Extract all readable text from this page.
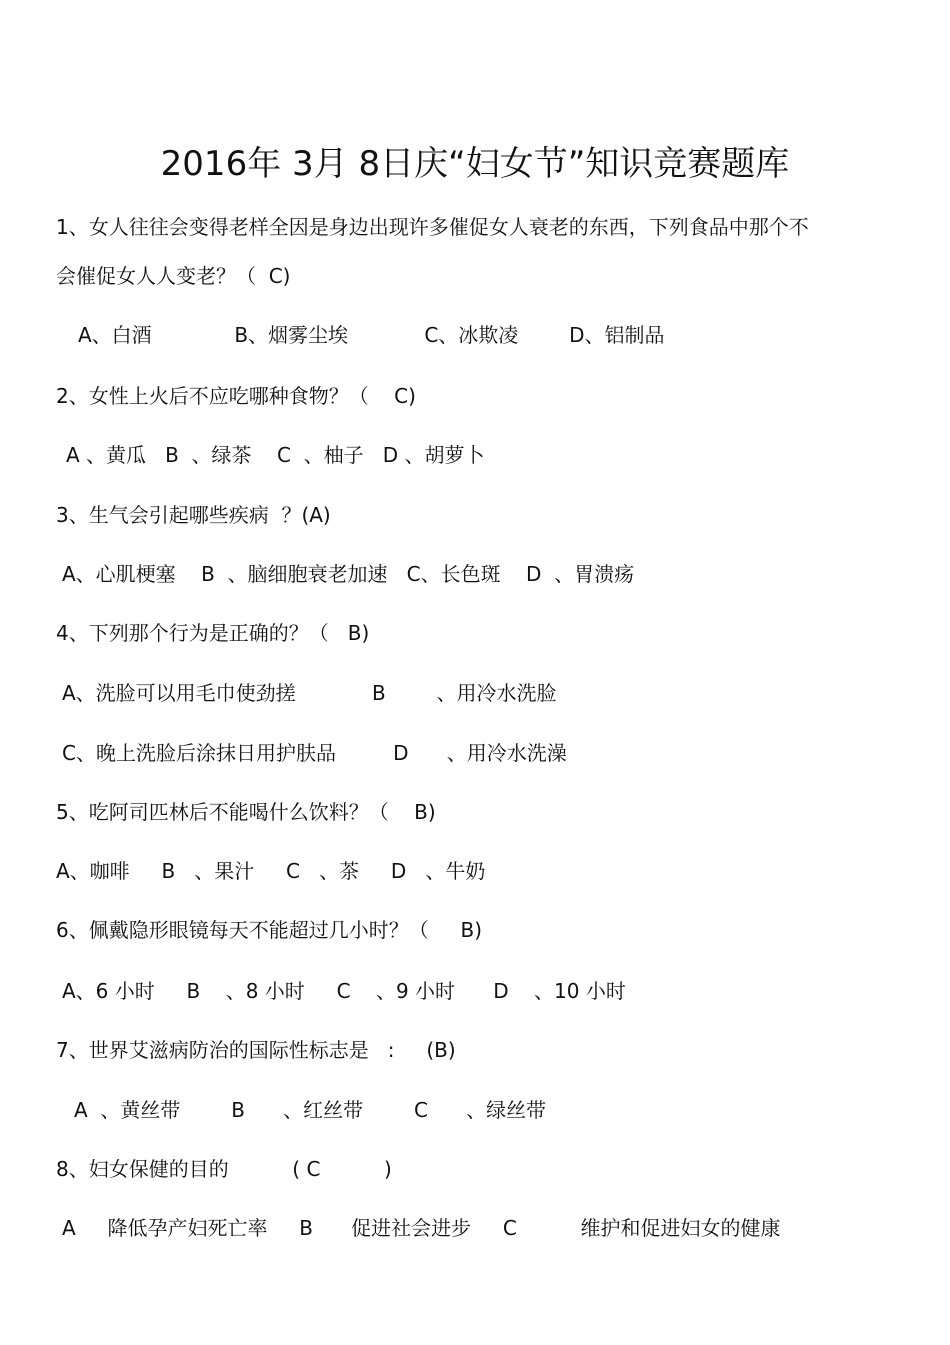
2016年 3月 8日庆“妇女节”知识竞赛题库
1、女人往往会变得老样全因是身边出现许多催促女人衰老的东西，下列食品中那个不
会催促女人人变老？（  C)
A、白酒             B、烟雾尘埃            C、冰欺凌        D、铝制品
2、女性上火后不应吃哪种食物？（    C)
A 、黄瓜   B  、绿茶    C  、柚子   D 、胡萝卜
3、生气会引起哪些疾病  ？(A)
A、心肌梗塞    B  、脑细胞衰老加速   C、长色斑    D  、胃溃疡
4、下列那个行为是正确的？（   B)
A、洗脸可以用毛巾使劲搓            B        、用冷水洗脸
C、晚上洗脸后涂抹日用护肤品         D      、用冷水洗澡
5、吃阿司匹林后不能喝什么饮料？（    B)
A、咖啡     B   、果汁     C   、茶     D   、牛奶
6、佩戴隐形眼镜每天不能超过几小时？（     B)
A、6 小时     B    、8 小时     C    、9 小时      D    、10 小时
7、世界艾滋病防治的国际性标志是   :     (B)
A  、黄丝带        B      、红丝带        C      、绿丝带
8、妇女保健的目的          ( C          )
A     降低孕产妇死亡率     B      促进社会进步     C          维护和促进妇女的健康
